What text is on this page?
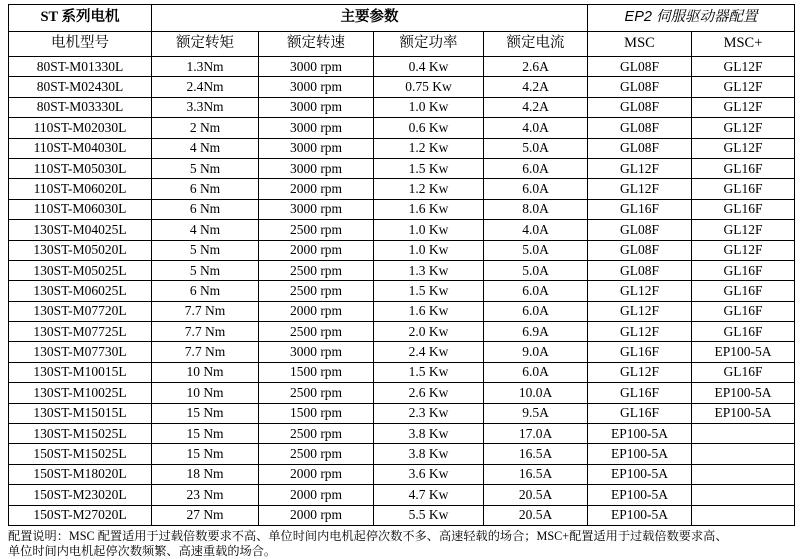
ST 系列电机	主要参数				EP2 伺服驱动器配置	
电机型号	额定转矩	额定转速	额定功率	额定电流	MSC	MSC+
80ST-M01330L	1.3Nm	3000 rpm	0.4 Kw	2.6A	GL08F	GL12F
80ST-M02430L	2.4Nm	3000 rpm	0.75 Kw	4.2A	GL08F	GL12F
80ST-M03330L	3.3Nm	3000 rpm	1.0 Kw	4.2A	GL08F	GL12F
110ST-M02030L	2 Nm	3000 rpm	0.6 Kw	4.0A	GL08F	GL12F
110ST-M04030L	4 Nm	3000 rpm	1.2 Kw	5.0A	GL08F	GL12F
110ST-M05030L	5 Nm	3000 rpm	1.5 Kw	6.0A	GL12F	GL16F
110ST-M06020L	6 Nm	2000 rpm	1.2 Kw	6.0A	GL12F	GL16F
110ST-M06030L	6 Nm	3000 rpm	1.6 Kw	8.0A	GL16F	GL16F
130ST-M04025L	4 Nm	2500 rpm	1.0 Kw	4.0A	GL08F	GL12F
130ST-M05020L	5 Nm	2000 rpm	1.0 Kw	5.0A	GL08F	GL12F
130ST-M05025L	5 Nm	2500 rpm	1.3 Kw	5.0A	GL08F	GL16F
130ST-M06025L	6 Nm	2500 rpm	1.5 Kw	6.0A	GL12F	GL16F
130ST-M07720L	7.7 Nm	2000 rpm	1.6 Kw	6.0A	GL12F	GL16F
130ST-M07725L	7.7 Nm	2500 rpm	2.0 Kw	6.9A	GL12F	GL16F
130ST-M07730L	7.7 Nm	3000 rpm	2.4 Kw	9.0A	GL16F	EP100-5A
130ST-M10015L	10 Nm	1500 rpm	1.5 Kw	6.0A	GL12F	GL16F
130ST-M10025L	10 Nm	2500 rpm	2.6 Kw	10.0A	GL16F	EP100-5A
130ST-M15015L	15 Nm	1500 rpm	2.3 Kw	9.5A	GL16F	EP100-5A
130ST-M15025L	15 Nm	2500 rpm	3.8 Kw	17.0A	EP100-5A	
150ST-M15025L	15 Nm	2500 rpm	3.8 Kw	16.5A	EP100-5A	
150ST-M18020L	18 Nm	2000 rpm	3.6 Kw	16.5A	EP100-5A	
150ST-M23020L	23 Nm	2000 rpm	4.7 Kw	20.5A	EP100-5A	
150ST-M27020L	27 Nm	2000 rpm	5.5 Kw	20.5A	EP100-5A	
配置说明：MSC 配置适用于过载倍数要求不高、单位时间内电机起停次数不多、高速轻载的场合；MSC+配置适用于过载倍数要求高、
单位时间内电机起停次数频繁、高速重载的场合。
